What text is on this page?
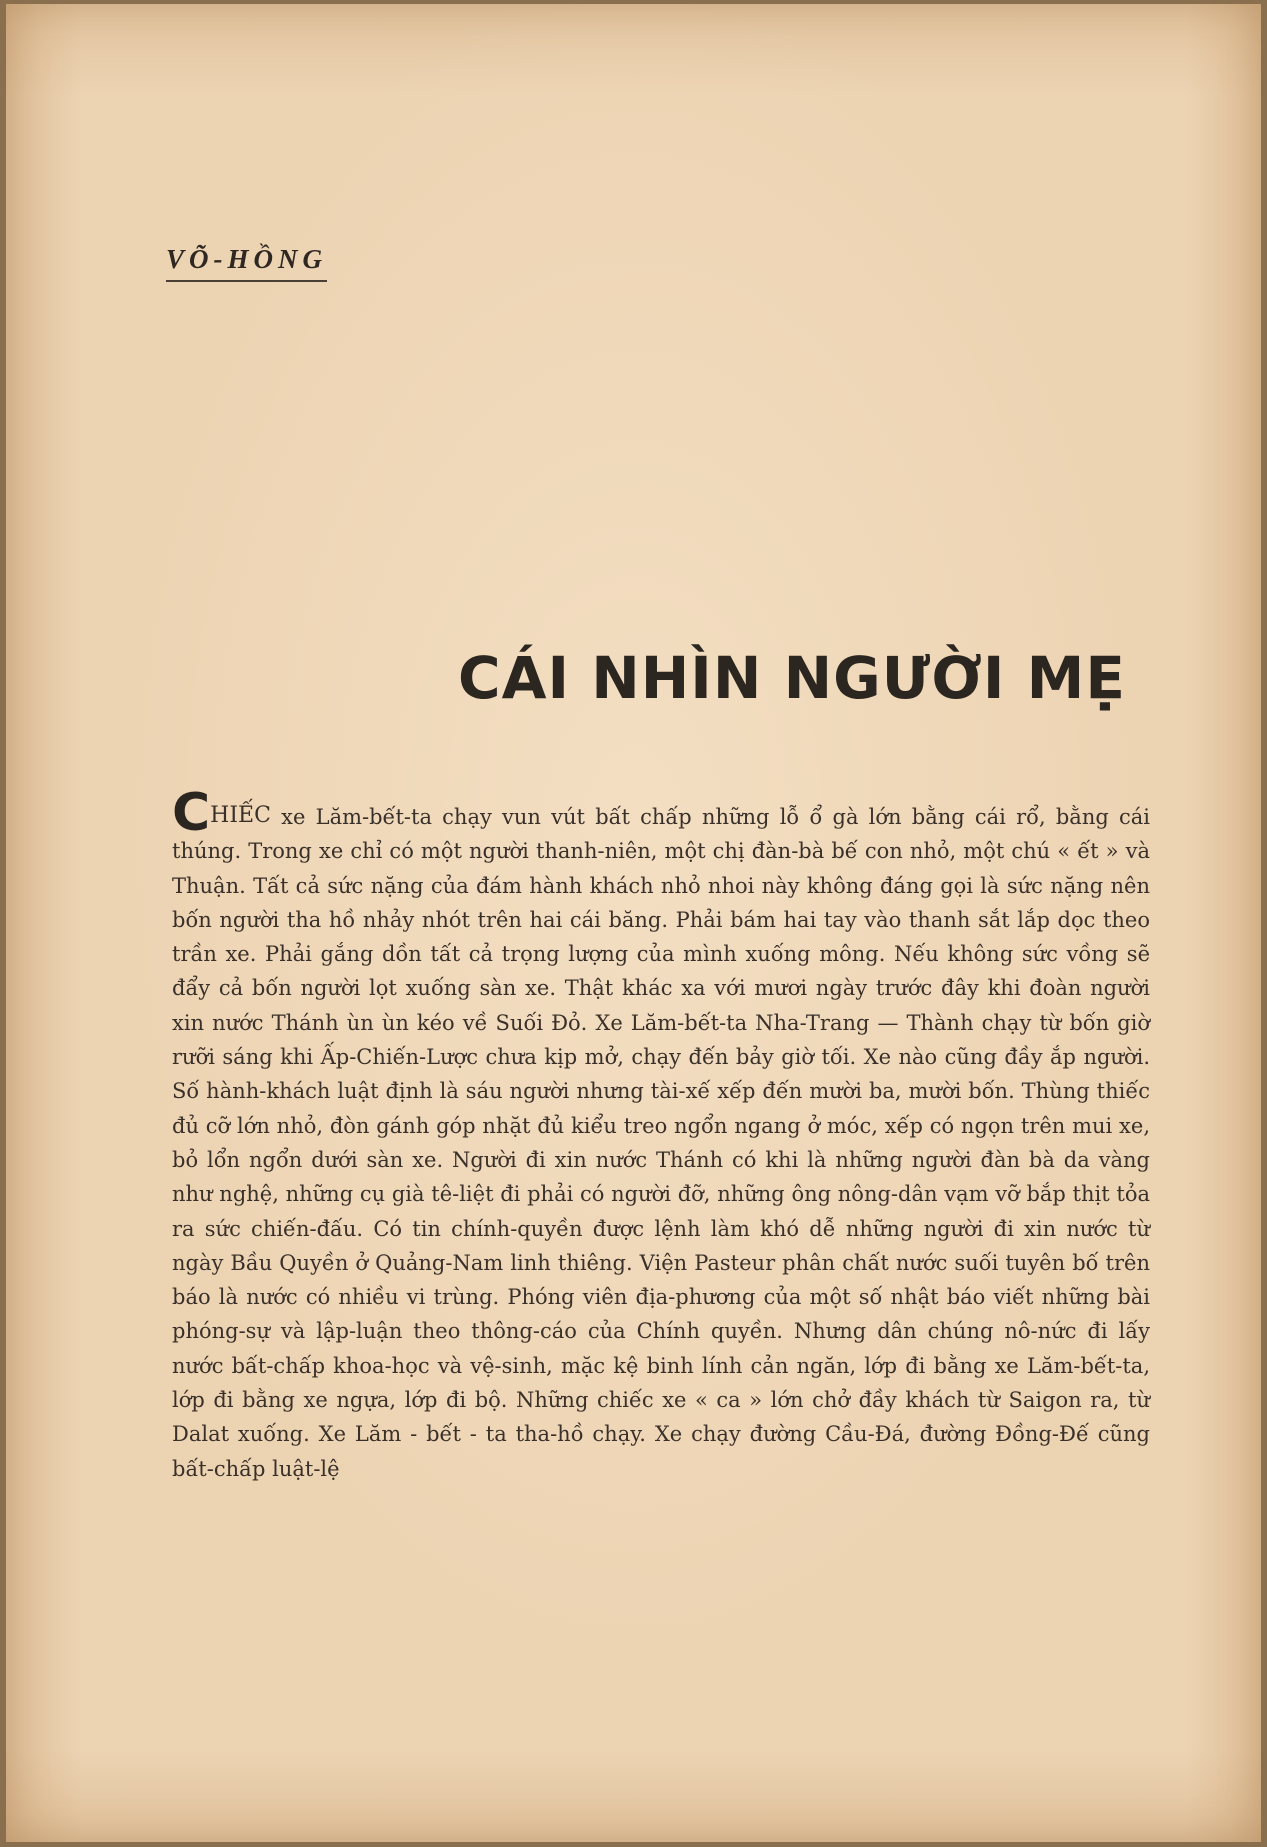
VÕ-HỒNG
CÁI NHÌN NGƯỜI MẸ

CHIẾC xe Lăm-bết-ta chạy vun vút bất chấp những lỗ ổ gà lớn bằng cái rổ, bằng cái thúng. Trong xe chỉ có một người thanh-niên, một chị đàn-bà bế con nhỏ, một chú « ết » và Thuận. Tất cả sức nặng của đám hành khách nhỏ nhoi này không đáng gọi là sức nặng nên bốn người tha hồ nhảy nhót trên hai cái băng. Phải bám hai tay vào thanh sắt lắp dọc theo trần xe. Phải gắng dồn tất cả trọng lượng của mình xuống mông. Nếu không sức vồng sẽ đẩy cả bốn người lọt xuống sàn xe. Thật khác xa với mươi ngày trước đây khi đoàn người xin nước Thánh ùn ùn kéo về Suối Đỏ. Xe Lăm-bết-ta Nha-Trang — Thành chạy từ bốn giờ rưỡi sáng khi Ấp-Chiến-Lược chưa kịp mở, chạy đến bảy giờ tối. Xe nào cũng đầy ắp người. Số hành-khách luật định là sáu người nhưng tài-xế xếp đến mười ba, mười bốn. Thùng thiếc đủ cỡ lớn nhỏ, đòn gánh góp nhặt đủ kiểu treo ngổn ngang ở móc, xếp có ngọn trên mui xe, bỏ lổn ngổn dưới sàn xe. Người đi xin nước Thánh có khi là những người đàn bà da vàng như nghệ, những cụ già tê-liệt đi phải có người đỡ, những ông nông-dân vạm vỡ bắp thịt tỏa ra sức chiến-đấu. Có tin chính-quyền được lệnh làm khó dễ những người đi xin nước từ ngày Bầu Quyền ở Quảng-Nam linh thiêng. Viện Pasteur phân chất nước suối tuyên bố trên báo là nước có nhiều vi trùng. Phóng viên địa-phương của một số nhật báo viết những bài phóng-sự và lập-luận theo thông-cáo của Chính quyền. Nhưng dân chúng nô-nức đi lấy nước bất-chấp khoa-học và vệ-sinh, mặc kệ binh lính cản ngăn, lớp đi bằng xe Lăm-bết-ta, lớp đi bằng xe ngựa, lớp đi bộ. Những chiếc xe « ca » lớn chở đầy khách từ Saigon ra, từ Dalat xuống. Xe Lăm - bết - ta tha-hồ chạy. Xe chạy đường Cầu-Đá, đường Đồng-Đế cũng bất-chấp luật-lệ
